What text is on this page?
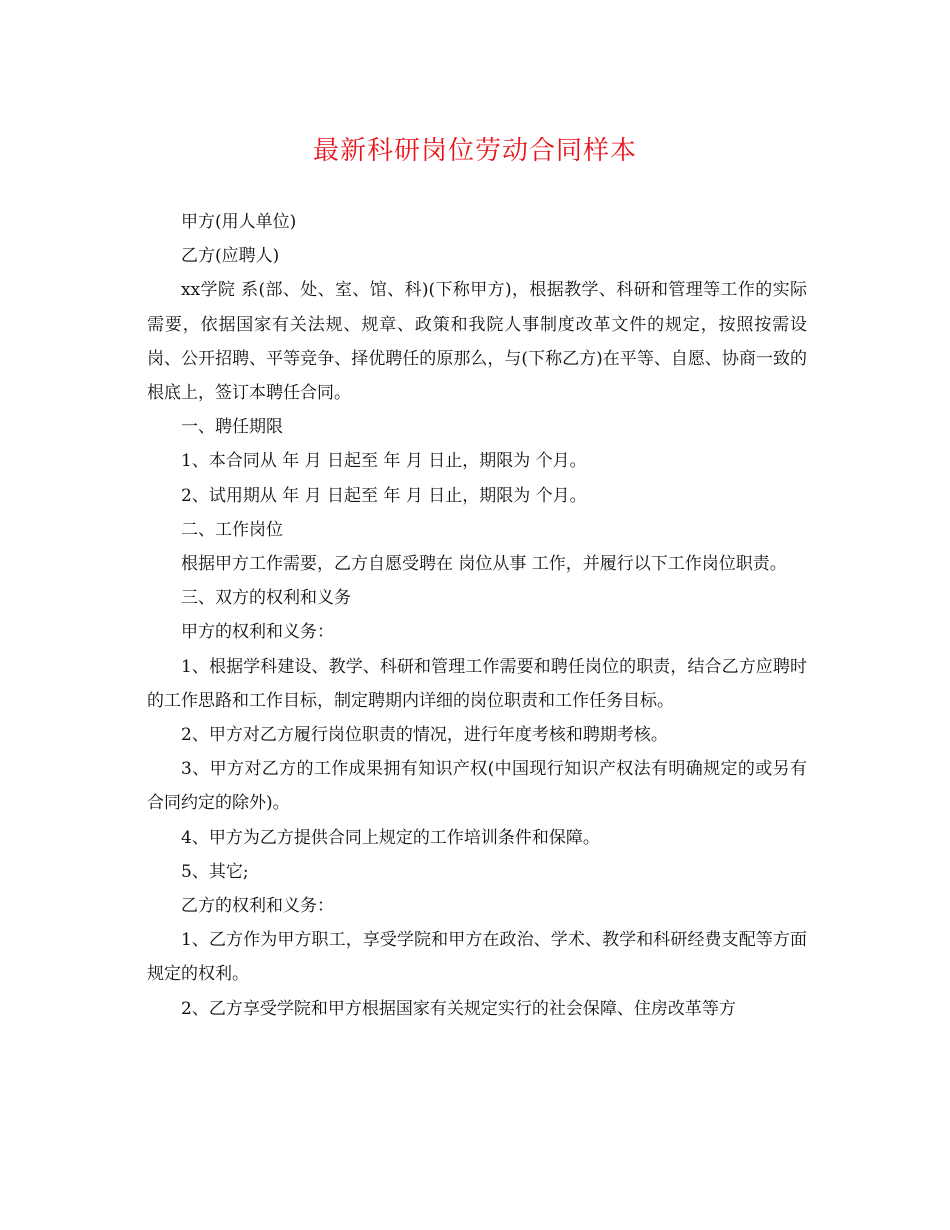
最新科研岗位劳动合同样本

甲方(用人单位)

乙方(应聘人)

xx学院 系(部、处、室、馆、科)(下称甲方)，根据教学、科研和管理等工作的实际需要，依据国家有关法规、规章、政策和我院人事制度改革文件的规定，按照按需设岗、公开招聘、平等竞争、择优聘任的原那么，与(下称乙方)在平等、自愿、协商一致的根底上，签订本聘任合同。

一、聘任期限

1、本合同从 年 月 日起至 年 月 日止，期限为 个月。

2、试用期从 年 月 日起至 年 月 日止，期限为 个月。

二、工作岗位

根据甲方工作需要，乙方自愿受聘在 岗位从事 工作，并履行以下工作岗位职责。

三、双方的权利和义务

甲方的权利和义务：

1、根据学科建设、教学、科研和管理工作需要和聘任岗位的职责，结合乙方应聘时的工作思路和工作目标，制定聘期内详细的岗位职责和工作任务目标。

2、甲方对乙方履行岗位职责的情况，进行年度考核和聘期考核。

3、甲方对乙方的工作成果拥有知识产权(中国现行知识产权法有明确规定的或另有合同约定的除外)。

4、甲方为乙方提供合同上规定的工作培训条件和保障。

5、其它;

乙方的权利和义务：

1、乙方作为甲方职工，享受学院和甲方在政治、学术、教学和科研经费支配等方面规定的权利。

2、乙方享受学院和甲方根据国家有关规定实行的社会保障、住房改革等方
